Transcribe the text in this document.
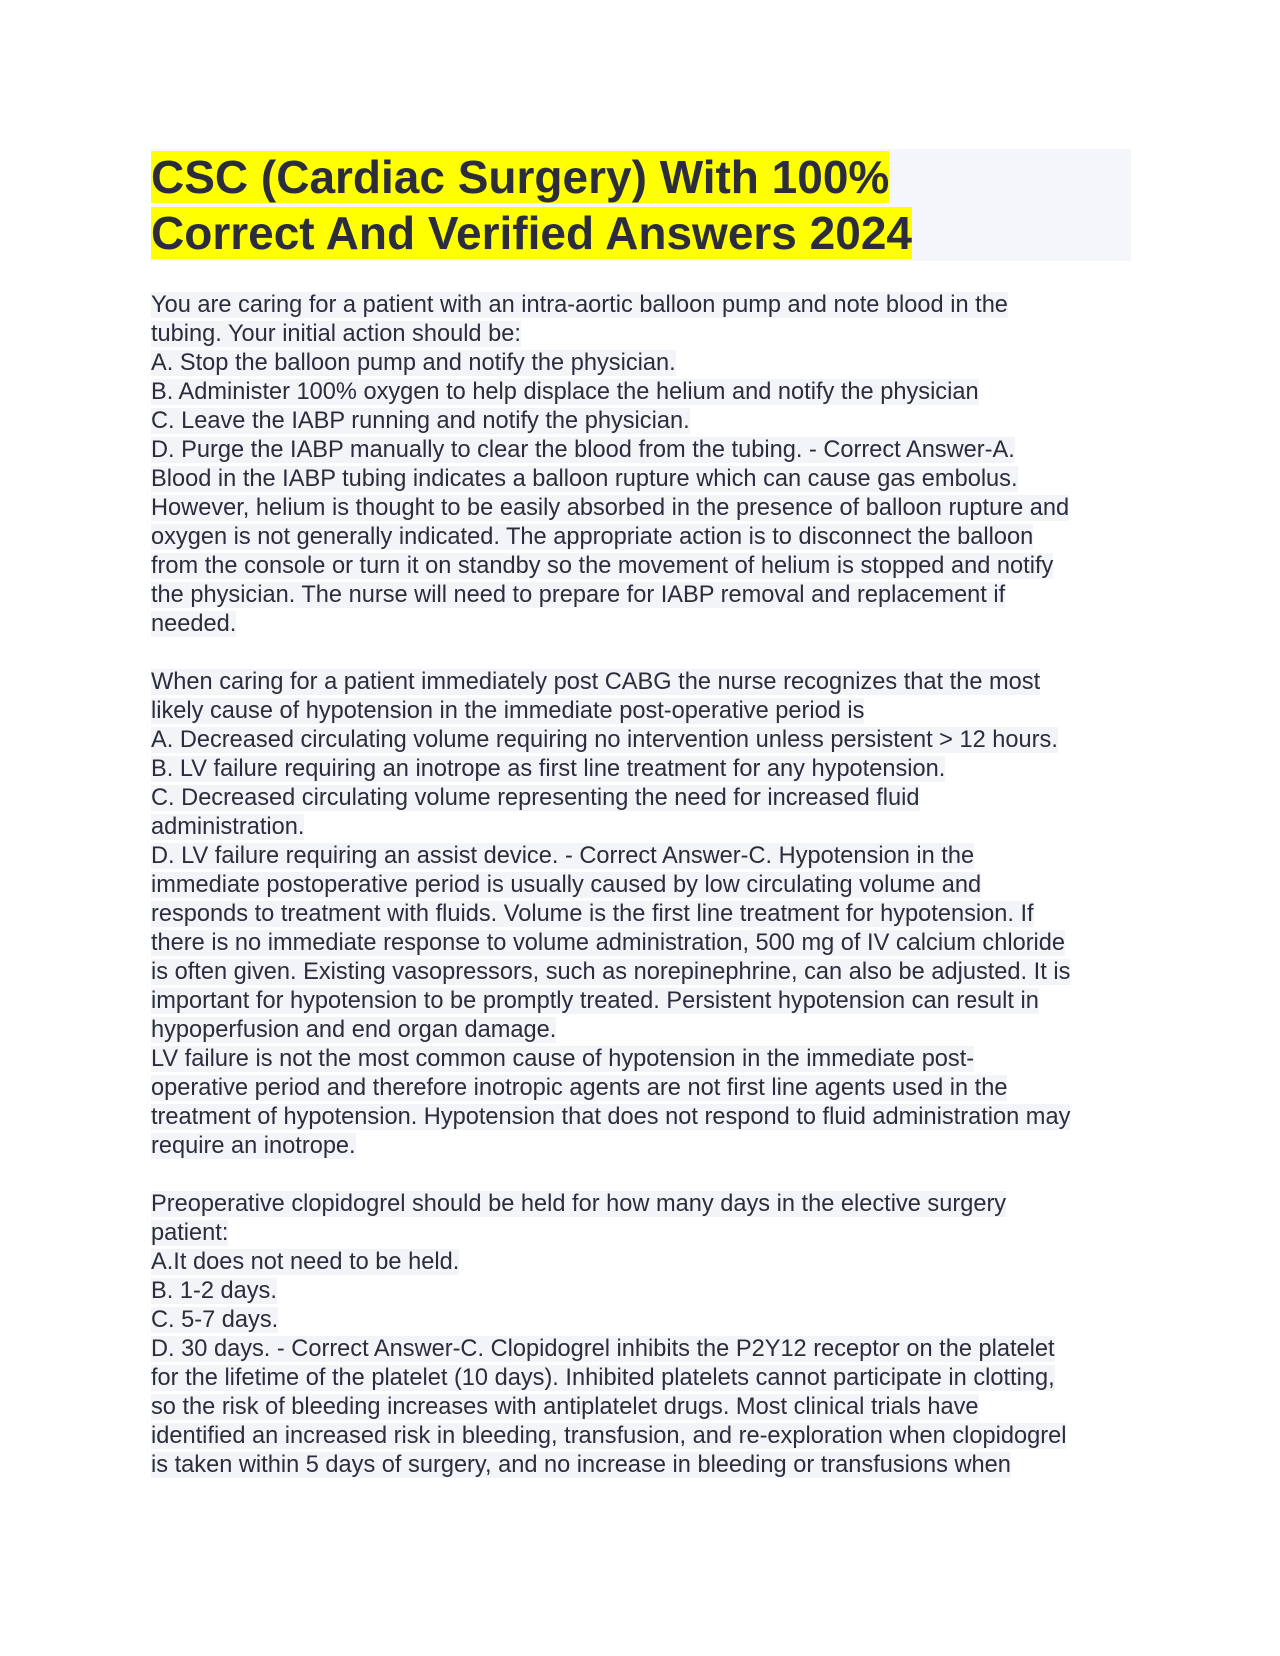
CSC (Cardiac Surgery) With 100%
Correct And Verified Answers 2024
You are caring for a patient with an intra-aortic balloon pump and note blood in the
tubing. Your initial action should be:
A. Stop the balloon pump and notify the physician.
B. Administer 100% oxygen to help displace the helium and notify the physician
C. Leave the IABP running and notify the physician.
D. Purge the IABP manually to clear the blood from the tubing. - Correct Answer-A.
Blood in the IABP tubing indicates a balloon rupture which can cause gas embolus.
However, helium is thought to be easily absorbed in the presence of balloon rupture and
oxygen is not generally indicated. The appropriate action is to disconnect the balloon
from the console or turn it on standby so the movement of helium is stopped and notify
the physician. The nurse will need to prepare for IABP removal and replacement if
needed.
When caring for a patient immediately post CABG the nurse recognizes that the most
likely cause of hypotension in the immediate post-operative period is
A. Decreased circulating volume requiring no intervention unless persistent > 12 hours.
B. LV failure requiring an inotrope as first line treatment for any hypotension.
C. Decreased circulating volume representing the need for increased fluid
administration.
D. LV failure requiring an assist device. - Correct Answer-C. Hypotension in the
immediate postoperative period is usually caused by low circulating volume and
responds to treatment with fluids. Volume is the first line treatment for hypotension. If
there is no immediate response to volume administration, 500 mg of IV calcium chloride
is often given. Existing vasopressors, such as norepinephrine, can also be adjusted. It is
important for hypotension to be promptly treated. Persistent hypotension can result in
hypoperfusion and end organ damage.
LV failure is not the most common cause of hypotension in the immediate post-
operative period and therefore inotropic agents are not first line agents used in the
treatment of hypotension. Hypotension that does not respond to fluid administration may
require an inotrope.
Preoperative clopidogrel should be held for how many days in the elective surgery
patient:
A.It does not need to be held.
B. 1-2 days.
C. 5-7 days.
D. 30 days. - Correct Answer-C. Clopidogrel inhibits the P2Y12 receptor on the platelet
for the lifetime of the platelet (10 days). Inhibited platelets cannot participate in clotting,
so the risk of bleeding increases with antiplatelet drugs. Most clinical trials have
identified an increased risk in bleeding, transfusion, and re-exploration when clopidogrel
is taken within 5 days of surgery, and no increase in bleeding or transfusions when
